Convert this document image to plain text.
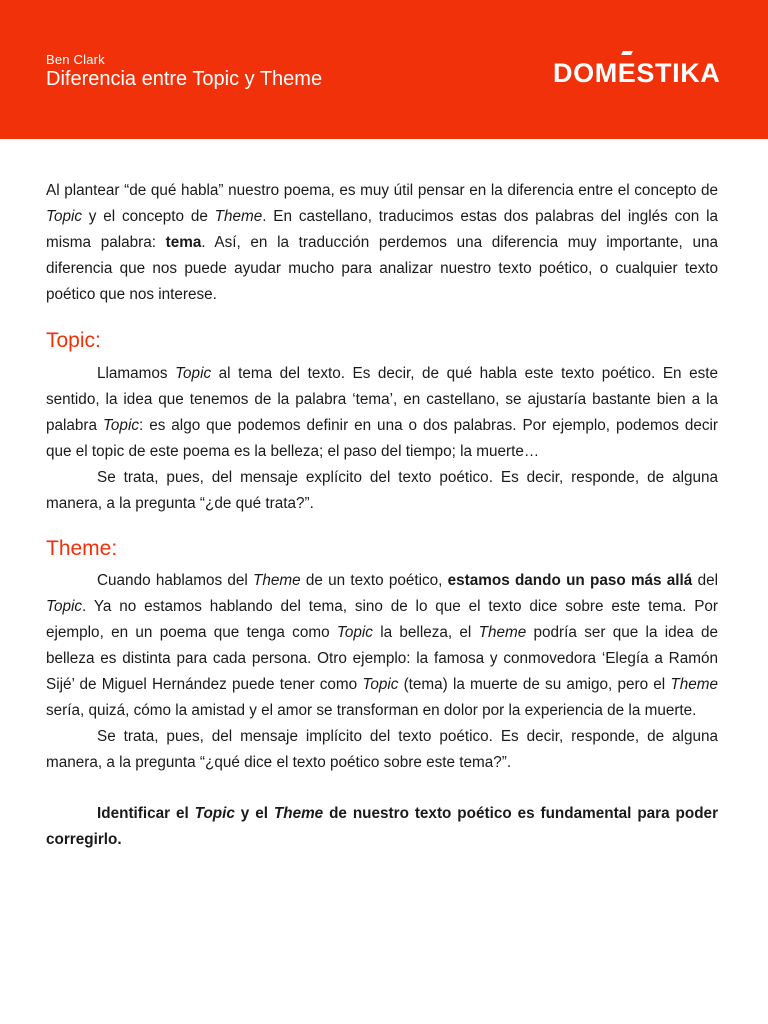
Ben Clark
Diferencia entre Topic y Theme	DOMESTIKA

Al plantear “de qué habla” nuestro poema, es muy útil pensar en la diferencia entre el concepto de Topic y el concepto de Theme. En castellano, traducimos estas dos palabras del inglés con la misma palabra: tema. Así, en la traducción perdemos una diferencia muy importante, una diferencia que nos puede ayudar mucho para analizar nuestro texto poético, o cualquier texto poético que nos interese.

Topic:

Llamamos Topic al tema del texto. Es decir, de qué habla este texto poético. En este sentido, la idea que tenemos de la palabra ‘tema’, en castellano, se ajustaría bastante bien a la palabra Topic: es algo que podemos definir en una o dos palabras. Por ejemplo, podemos decir que el topic de este poema es la belleza; el paso del tiempo; la muerte…

Se trata, pues, del mensaje explícito del texto poético. Es decir, responde, de alguna manera, a la pregunta “¿de qué trata?”.

Theme:

Cuando hablamos del Theme de un texto poético, estamos dando un paso más allá del Topic. Ya no estamos hablando del tema, sino de lo que el texto dice sobre este tema. Por ejemplo, en un poema que tenga como Topic la belleza, el Theme podría ser que la idea de belleza es distinta para cada persona. Otro ejemplo: la famosa y conmovedora ‘Elegía a Ramón Sijé’ de Miguel Hernández puede tener como Topic (tema) la muerte de su amigo, pero el Theme sería, quizá, cómo la amistad y el amor se transforman en dolor por la experiencia de la muerte.

Se trata, pues, del mensaje implícito del texto poético. Es decir, responde, de alguna manera, a la pregunta “¿qué dice el texto poético sobre este tema?”.

Identificar el Topic y el Theme de nuestro texto poético es fundamental para poder corregirlo.
